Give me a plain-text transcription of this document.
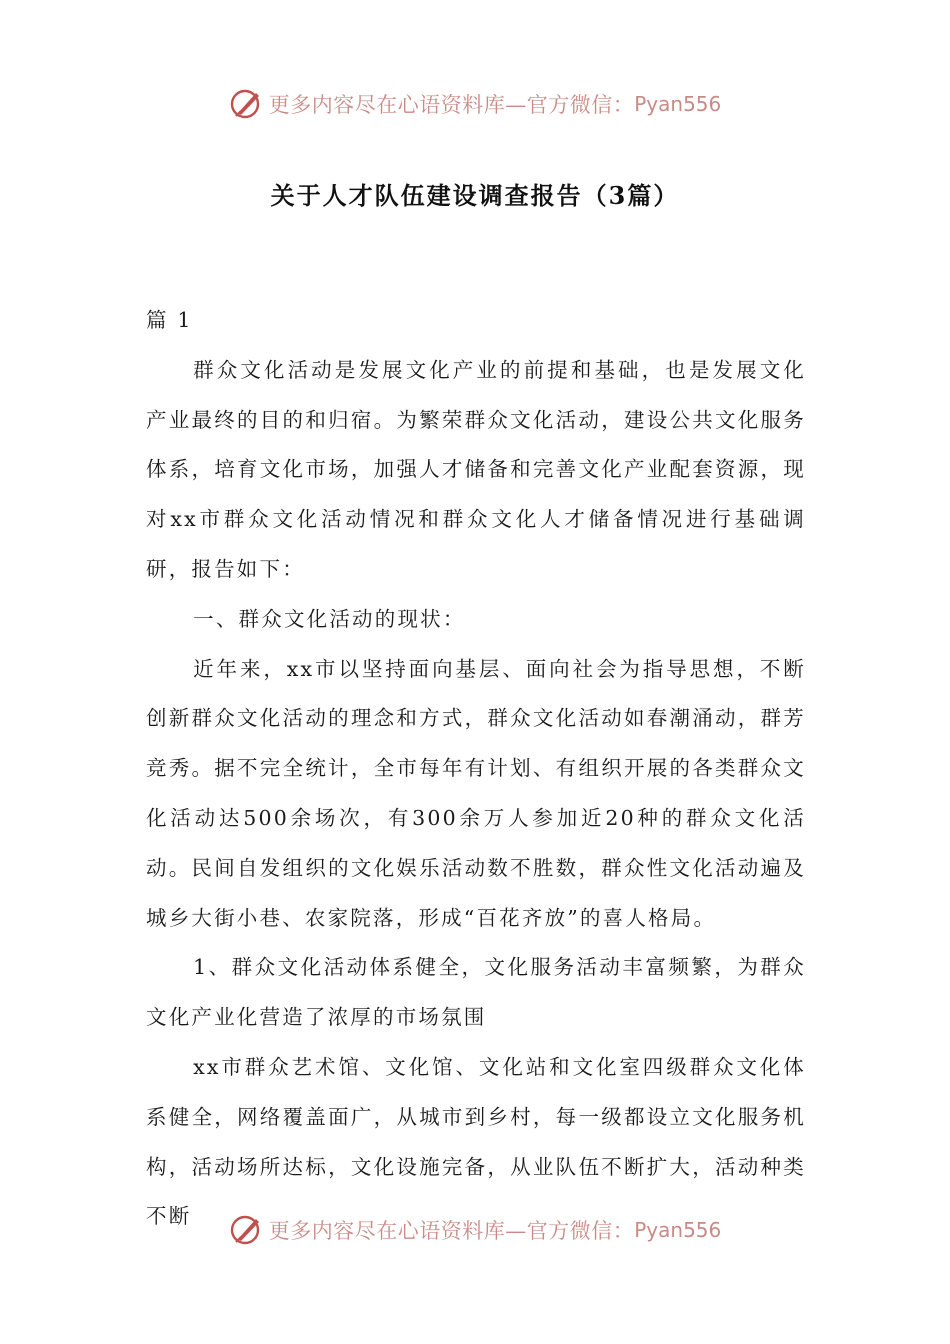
更多内容尽在心语资料库—官方微信： Pyan556
关于人才队伍建设调查报告（3篇）

篇 1

群众文化活动是发展文化产业的前提和基础，也是发展文化产业最终的目的和归宿。为繁荣群众文化活动，建设公共文化服务体系，培育文化市场，加强人才储备和完善文化产业配套资源，现对xx市群众文化活动情况和群众文化人才储备情况进行基础调研，报告如下：

一、群众文化活动的现状：

近年来，xx市以坚持面向基层、面向社会为指导思想，不断创新群众文化活动的理念和方式，群众文化活动如春潮涌动，群芳竞秀。据不完全统计，全市每年有计划、有组织开展的各类群众文化活动达500余场次，有300余万人参加近20种的群众文化活动。民间自发组织的文化娱乐活动数不胜数，群众性文化活动遍及城乡大街小巷、农家院落，形成“百花齐放”的喜人格局。

1、群众文化活动体系健全，文化服务活动丰富频繁，为群众文化产业化营造了浓厚的市场氛围

xx市群众艺术馆、文化馆、文化站和文化室四级群众文化体系健全，网络覆盖面广，从城市到乡村，每一级都设立文化服务机构，活动场所达标，文化设施完备，从业队伍不断扩大，活动种类不断

更多内容尽在心语资料库—官方微信： Pyan556
